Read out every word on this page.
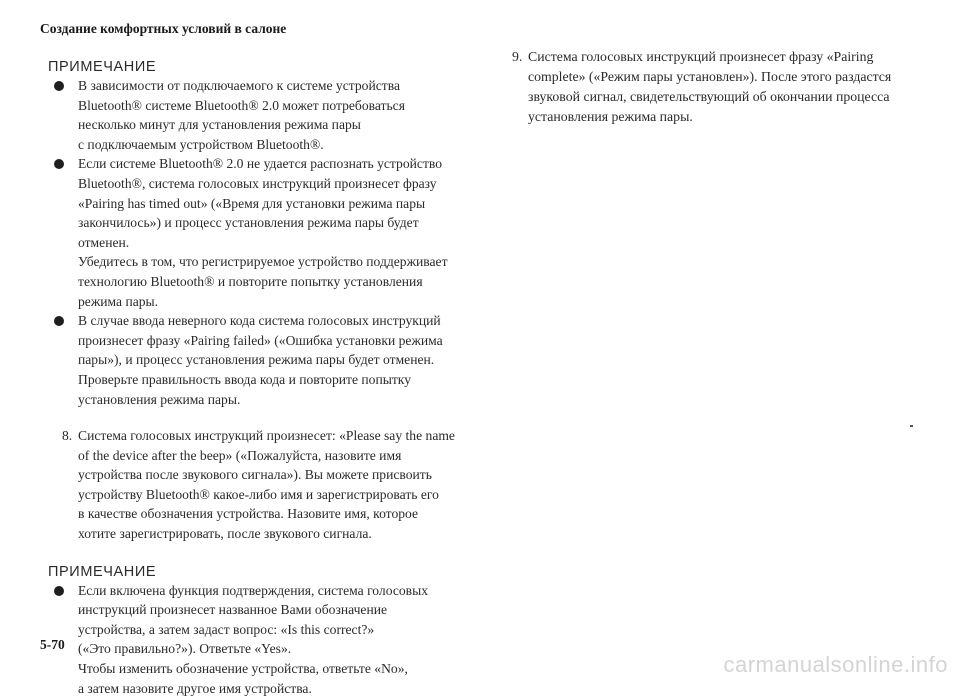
Создание комфортных условий в салоне
ПРИМЕЧАНИЕ
В зависимости от подключаемого к системе устройства
Bluetooth® системе Bluetooth® 2.0 может потребоваться
несколько минут для установления режима пары
с подключаемым устройством Bluetooth®.
Если системе Bluetooth® 2.0 не удается распознать устройство
Bluetooth®, система голосовых инструкций произнесет фразу
«Pairing has timed out» («Время для установки режима пары
закончилось») и процесс установления режима пары будет
отменен.
Убедитесь в том, что регистрируемое устройство поддерживает
технологию Bluetooth® и повторите попытку установления
режима пары.
В случае ввода неверного кода система голосовых инструкций
произнесет фразу «Pairing failed» («Ошибка установки режима
пары»), и процесс установления режима пары будет отменен.
Проверьте правильность ввода кода и повторите попытку
установления режима пары.
8. Система голосовых инструкций произнесет: «Please say the name
of the device after the beep» («Пожалуйста, назовите имя
устройства после звукового сигнала»). Вы можете присвоить
устройству Bluetooth® какое-либо имя и зарегистрировать его
в качестве обозначения устройства. Назовите имя, которое
хотите зарегистрировать, после звукового сигнала.
ПРИМЕЧАНИЕ
Если включена функция подтверждения, система голосовых
инструкций произнесет названное Вами обозначение
устройства, а затем задаст вопрос: «Is this correct?»
(«Это правильно?»). Ответьте «Yes».
Чтобы изменить обозначение устройства, ответьте «No»,
а затем назовите другое имя устройства.
9. Система голосовых инструкций произнесет фразу «Pairing
complete» («Режим пары установлен»). После этого раздастся
звуковой сигнал, свидетельствующий об окончании процесса
установления режима пары.
5-70
carmanualsonline.info
